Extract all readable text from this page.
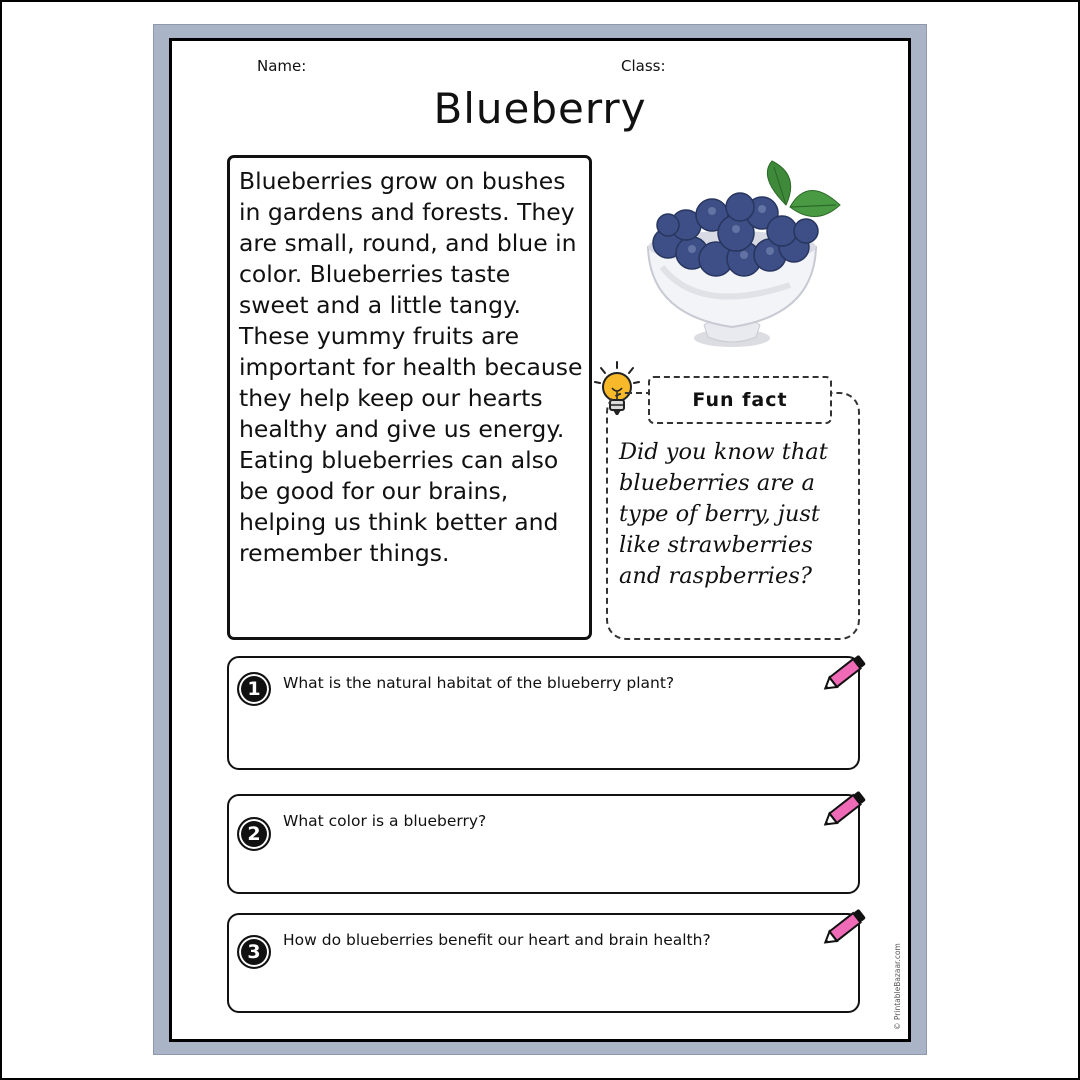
Name:	Class:
Blueberry
Blueberries grow on bushes in gardens and forests. They are small, round, and blue in color. Blueberries taste sweet and a little tangy. These yummy fruits are important for health because they help keep our hearts healthy and give us energy. Eating blueberries can also be good for our brains, helping us think better and remember things.
Fun fact
Did you know that blueberries are a type of berry, just like strawberries and raspberries?
1	What is the natural habitat of the blueberry plant?
2
What color is a blueberry?
3
How do blueberries benefit our heart and brain health?
© PrintableBazaar.com
